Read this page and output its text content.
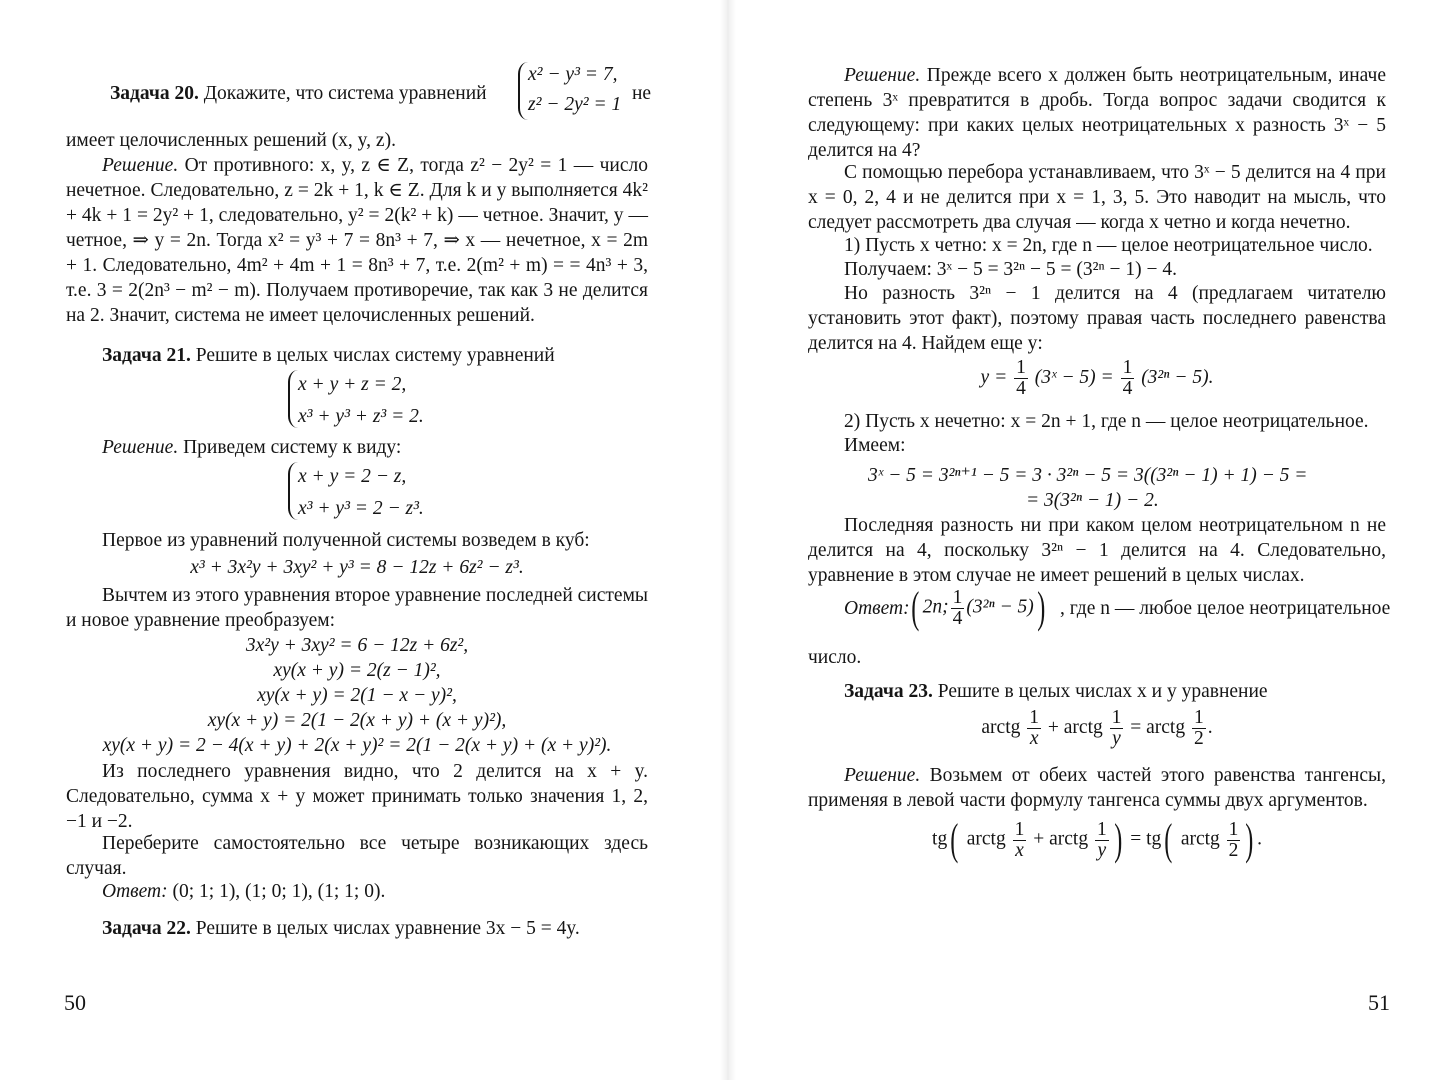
Задача 20. Докажите, что система уравнений
x² − y³ = 7,
z² − 2y² = 1
не

имеет целочисленных решений (x, y, z).

Решение. От противного: x, y, z ∈ Z, тогда z² − 2y² = 1 — число нечетное. Следовательно, z = 2k + 1, k ∈ Z. Для k и y выполняется 4k² + 4k + 1 = 2y² + 1, следовательно, y² = 2(k² + k) — четное. Значит, y — четное, ⇒ y = 2n. Тогда x² = y³ + 7 = 8n³ + 7, ⇒ x — нечетное, x = 2m + 1. Следовательно, 4m² + 4m + 1 = 8n³ + 7, т.е. 2(m² + m) = = 4n³ + 3, т.е. 3 = 2(2n³ − m² − m). Получаем противоречие, так как 3 не делится на 2. Значит, система не имеет целочисленных решений.

Задача 21. Решите в целых числах систему уравнений

x + y + z = 2,
x³ + y³ + z³ = 2.

Решение. Приведем систему к виду:

x + y = 2 − z,
x³ + y³ = 2 − z³.

Первое из уравнений полученной системы возведем в куб:

x³ + 3x²y + 3xy² + y³ = 8 − 12z + 6z² − z³.

Вычтем из этого уравнения второе уравнение последней системы и новое уравнение преобразуем:

3x²y + 3xy² = 6 − 12z + 6z²,

xy(x + y) = 2(z − 1)²,

xy(x + y) = 2(1 − x − y)²,

xy(x + y) = 2(1 − 2(x + y) + (x + y)²),

xy(x + y) = 2 − 4(x + y) + 2(x + y)² = 2(1 − 2(x + y) + (x + y)²).

Из последнего уравнения видно, что 2 делится на x + y. Следовательно, сумма x + y может принимать только значения 1, 2, −1 и −2.

Переберите самостоятельно все четыре возникающих здесь случая.

Ответ: (0; 1; 1), (1; 0; 1), (1; 1; 0).

Задача 22. Решите в целых числах уравнение 3x − 5 = 4y.

50

Решение. Прежде всего x должен быть неотрицательным, иначе степень 3ˣ превратится в дробь. Тогда вопрос задачи сводится к следующему: при каких целых неотрицательных x разность 3ˣ − 5 делится на 4?

С помощью перебора устанавливаем, что 3ˣ − 5 делится на 4 при x = 0, 2, 4 и не делится при x = 1, 3, 5. Это наводит на мысль, что следует рассмотреть два случая — когда x четно и когда нечетно.

1) Пусть x четно: x = 2n, где n — целое неотрицательное число.

Получаем: 3ˣ − 5 = 3²ⁿ − 5 = (3²ⁿ − 1) − 4.

Но разность 3²ⁿ − 1 делится на 4 (предлагаем читателю установить этот факт), поэтому правая часть последнего равенства делится на 4. Найдем еще y:

$y = \frac{1}{4}$ (3ˣ − $5) = \frac{1}{4} (3^{2n} - 5)$.

2) Пусть x нечетно: x = 2n + 1, где n — целое неотрицательное.

Имеем:

3ˣ − 5 = 3²ⁿ⁺¹ − 5 = 3 · 3²ⁿ − 5 = 3((3²ⁿ − 1) + 1) − 5 =
= 3(3²ⁿ − 1) − 2.

Последняя разность ни при каком целом неотрицательном n не делится на 4, поскольку 3²ⁿ − 1 делится на 4. Следовательно, уравнение в этом случае не имеет решений в целых числах.

Ответ: ( 2n; $\frac{1}{4} (3^{2n} - 5)$) , где n — любое целое неотрицательное

число.

Задача 23. Решите в целых числах x и y уравнение

arctg $\frac{1}{x}$ + arctg $\frac{1}{y}$ = arctg $\frac{1}{2}$ .

Решение. Возьмем от обеих частей этого равенства тангенсы, применяя в левой части формулу тангенса суммы двух аргументов.

tg( arctg $\frac{1}{x}$ + arctg $\frac{1}{y}$ ) = tg( arctg $\frac{1}{2}$ ) .
51
